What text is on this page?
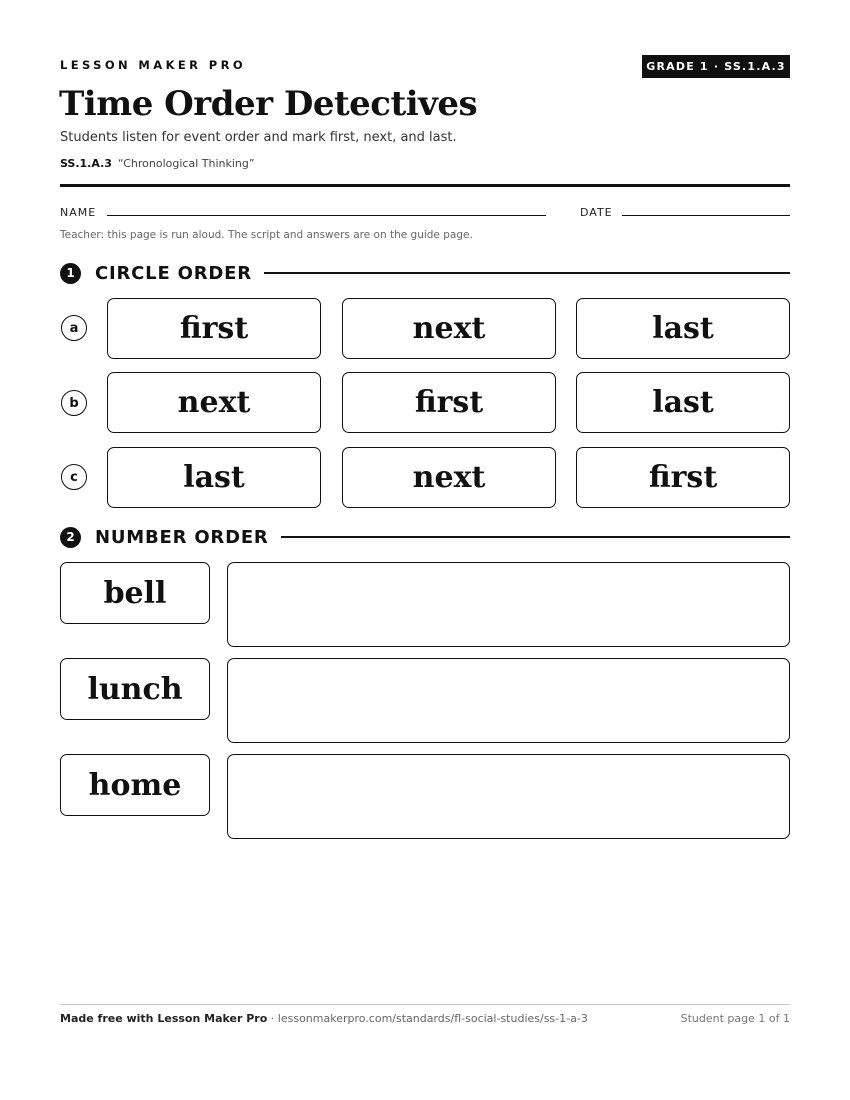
LESSON MAKER PRO	GRADE 1 · SS.1.A.3
Time Order Detectives
Students listen for event order and mark first, next, and last.
SS.1.A.3 “Chronological Thinking”
NAME	DATE
Teacher: this page is run aloud. The script and answers are on the guide page.
1	CIRCLE ORDER
a	first	next	last
b	next	first	last
c	last	next	first
2	NUMBER ORDER
bell
lunch
home
Made free with Lesson Maker Pro · lessonmakerpro.com/standards/fl-social-studies/ss-1-a-3	Student page 1 of 1
